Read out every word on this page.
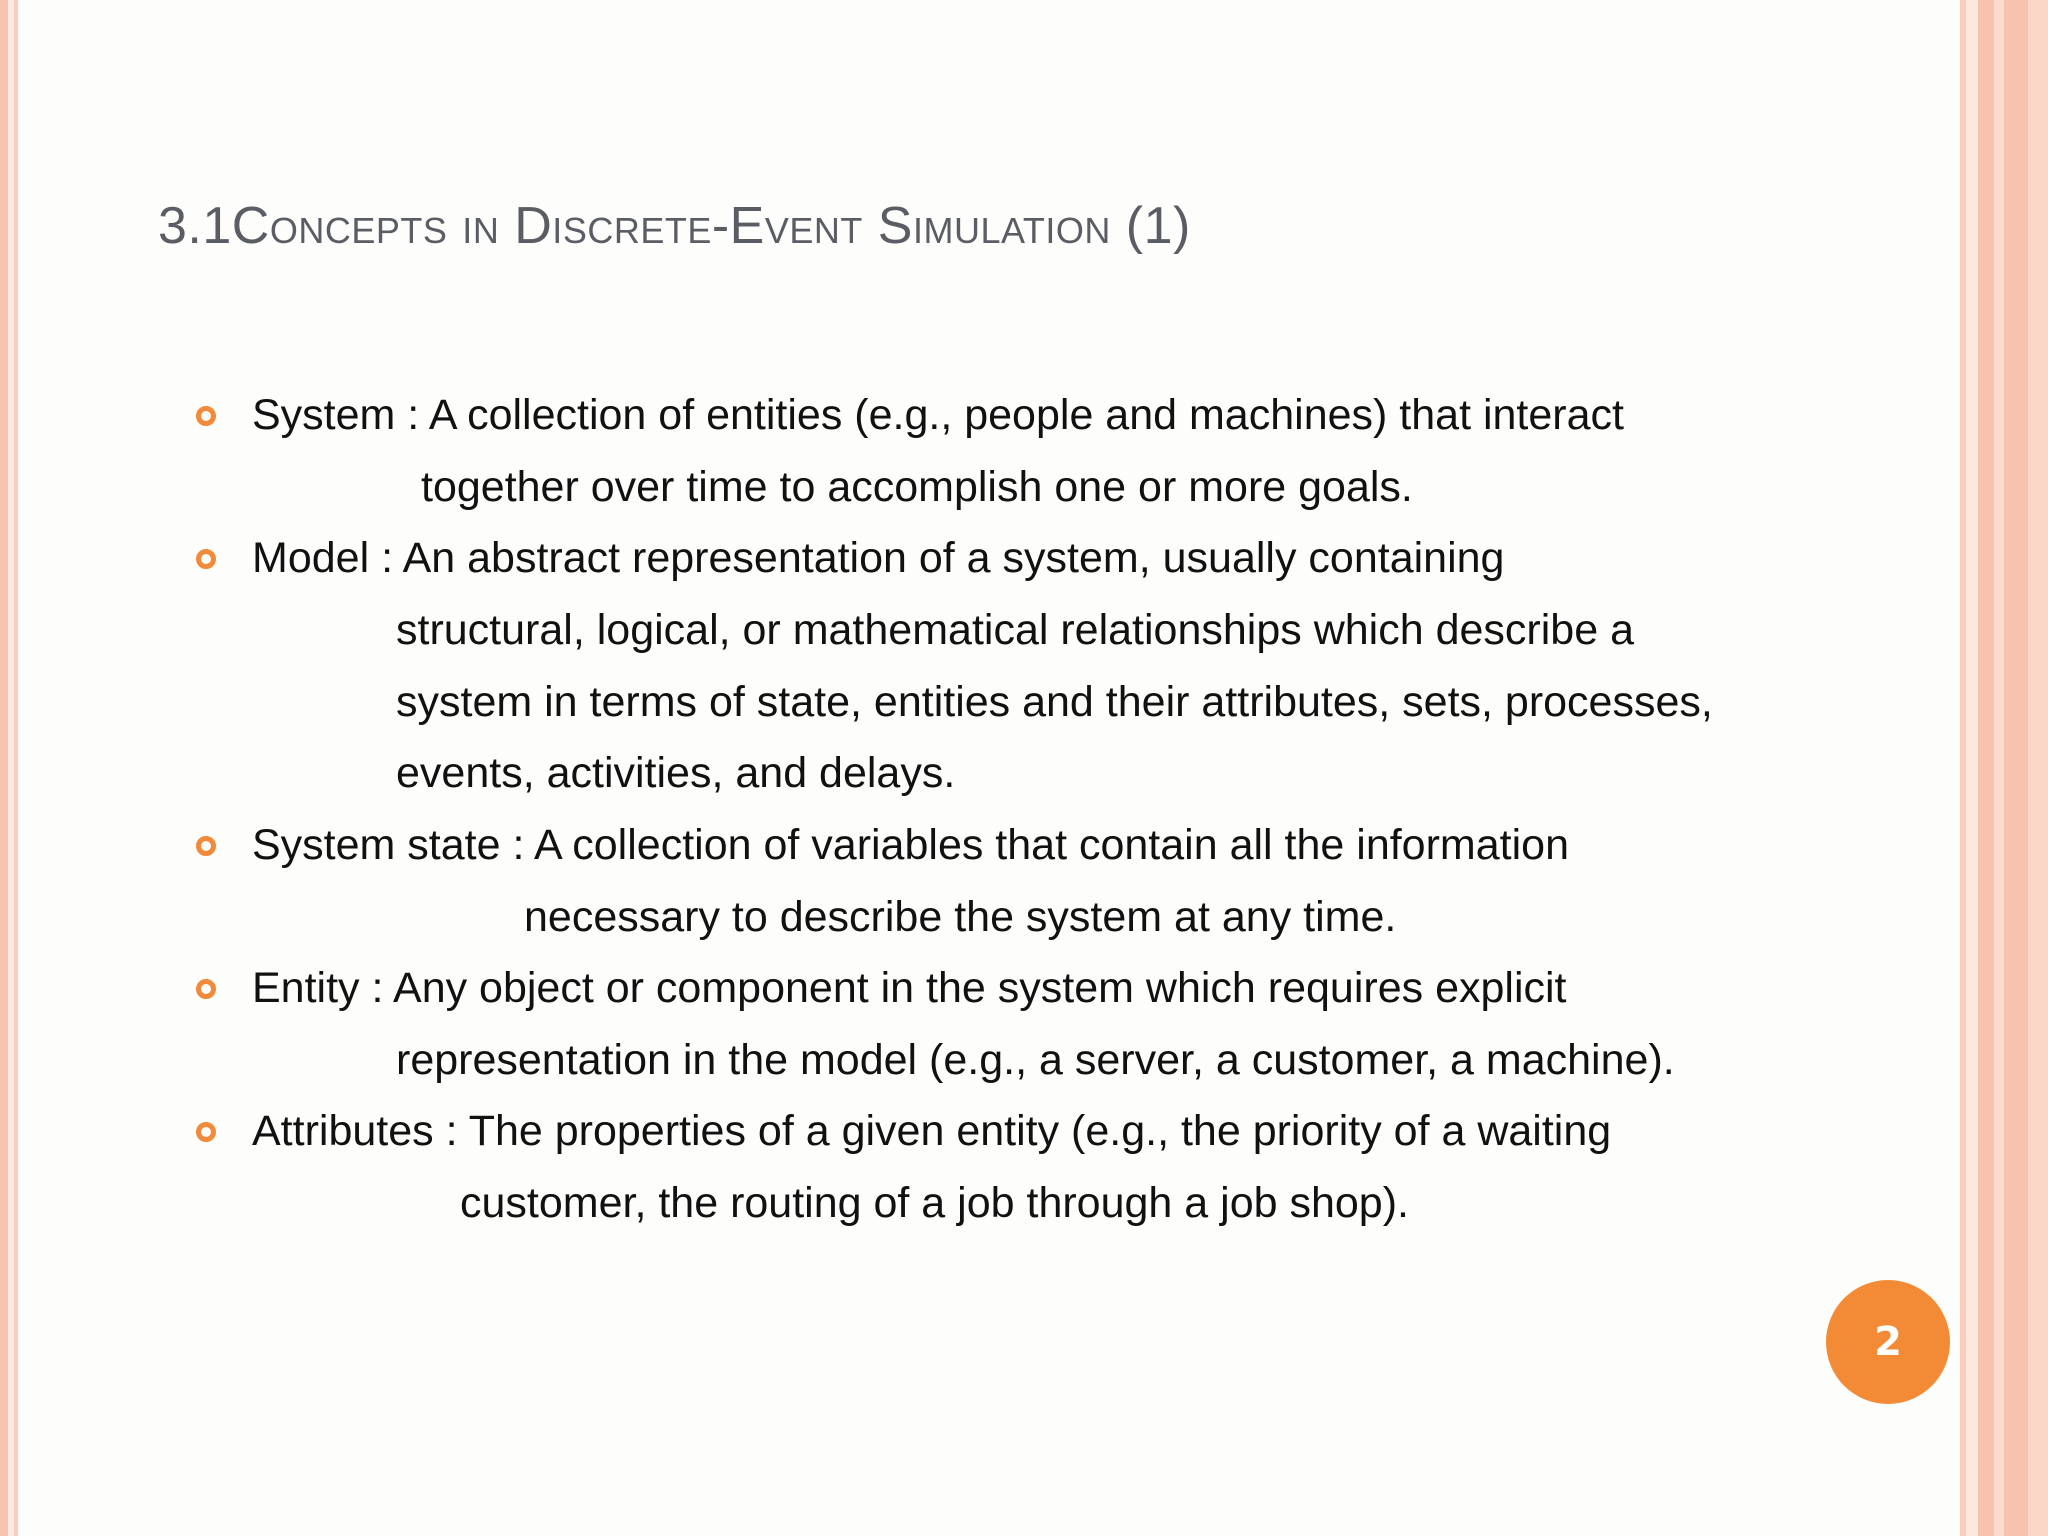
3.1Concepts in Discrete-Event Simulation (1)
System : A collection of entities (e.g., people and machines) that interact
together over time to accomplish one or more goals.
Model : An abstract representation of a system, usually containing
structural, logical, or mathematical relationships which describe a
system in terms of state, entities and their attributes, sets, processes,
events, activities, and delays.
System state : A collection of variables that contain all the information
necessary to describe the system at any time.
Entity : Any object or component in the system which requires explicit
representation in the model (e.g., a server, a customer, a machine).
Attributes : The properties of a given entity (e.g., the priority of a waiting
customer, the routing of a job through a job shop).
2
